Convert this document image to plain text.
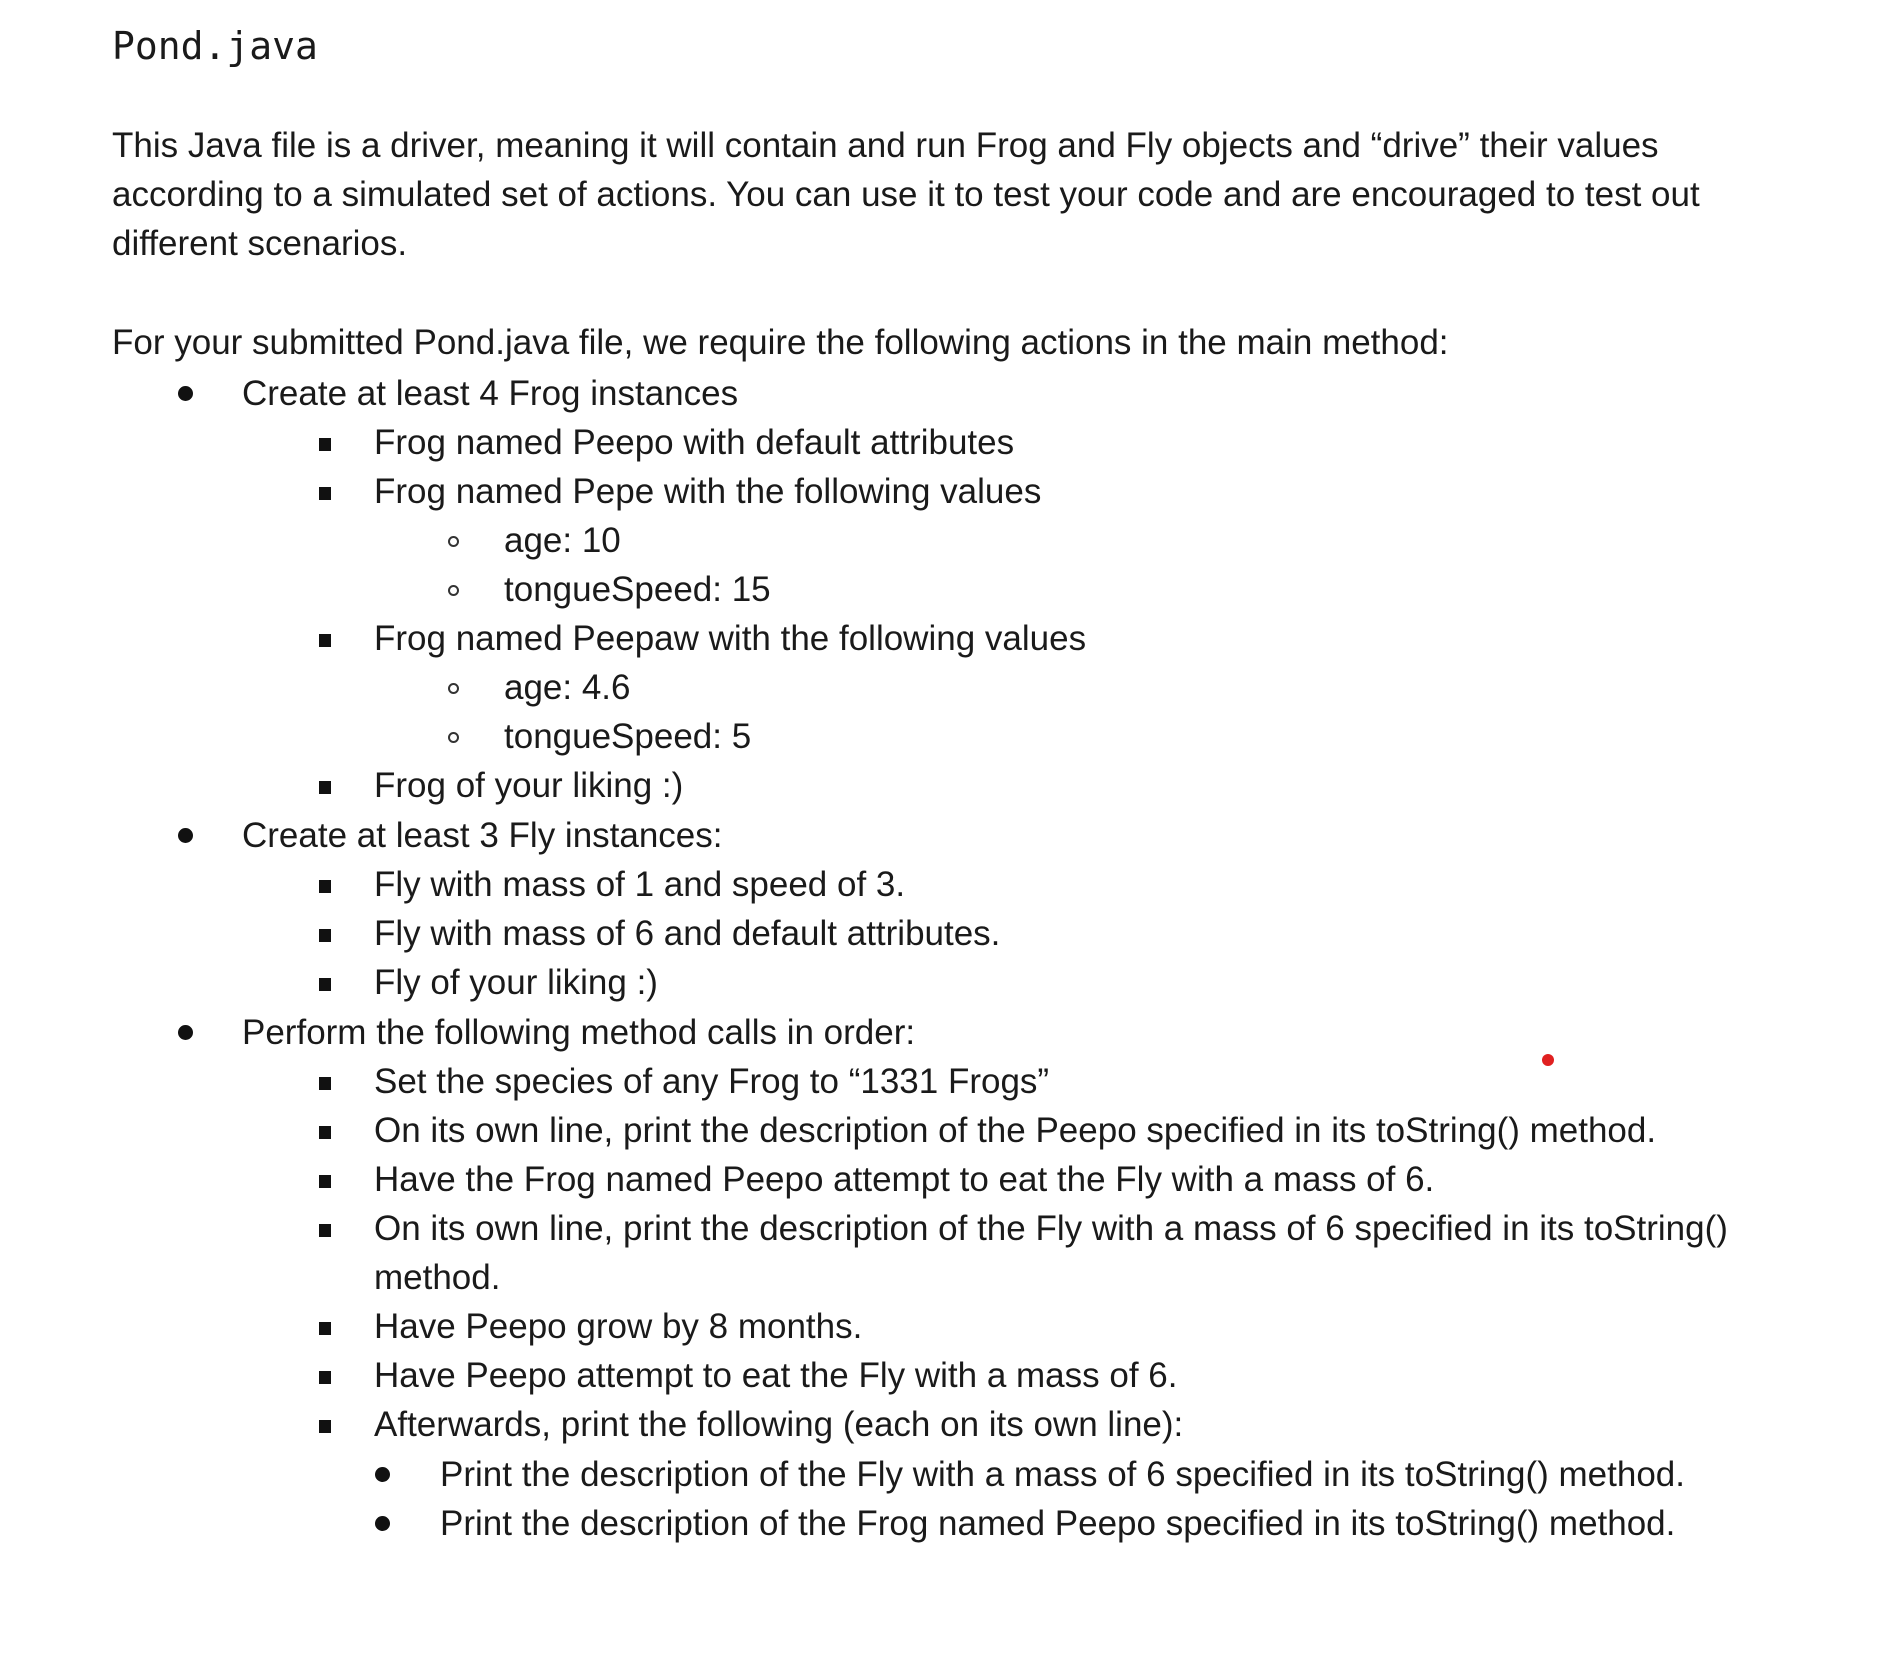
Pond.java

This Java file is a driver, meaning it will contain and run Frog and Fly objects and “drive” their values

according to a simulated set of actions. You can use it to test your code and are encouraged to test out

different scenarios.

For your submitted Pond.java file, we require the following actions in the main method:

Create at least 4 Frog instances
Frog named Peepo with default attributes
Frog named Pepe with the following values
age: 10
tongueSpeed: 15
Frog named Peepaw with the following values
age: 4.6
tongueSpeed: 5
Frog of your liking :)
Create at least 3 Fly instances:
Fly with mass of 1 and speed of 3.
Fly with mass of 6 and default attributes.
Fly of your liking :)
Perform the following method calls in order:
Set the species of any Frog to “1331 Frogs”
On its own line, print the description of the Peepo specified in its toString() method.
Have the Frog named Peepo attempt to eat the Fly with a mass of 6.
On its own line, print the description of the Fly with a mass of 6 specified in its toString()
method.
Have Peepo grow by 8 months.
Have Peepo attempt to eat the Fly with a mass of 6.
Afterwards, print the following (each on its own line):
Print the description of the Fly with a mass of 6 specified in its toString() method.
Print the description of the Frog named Peepo specified in its toString() method.
